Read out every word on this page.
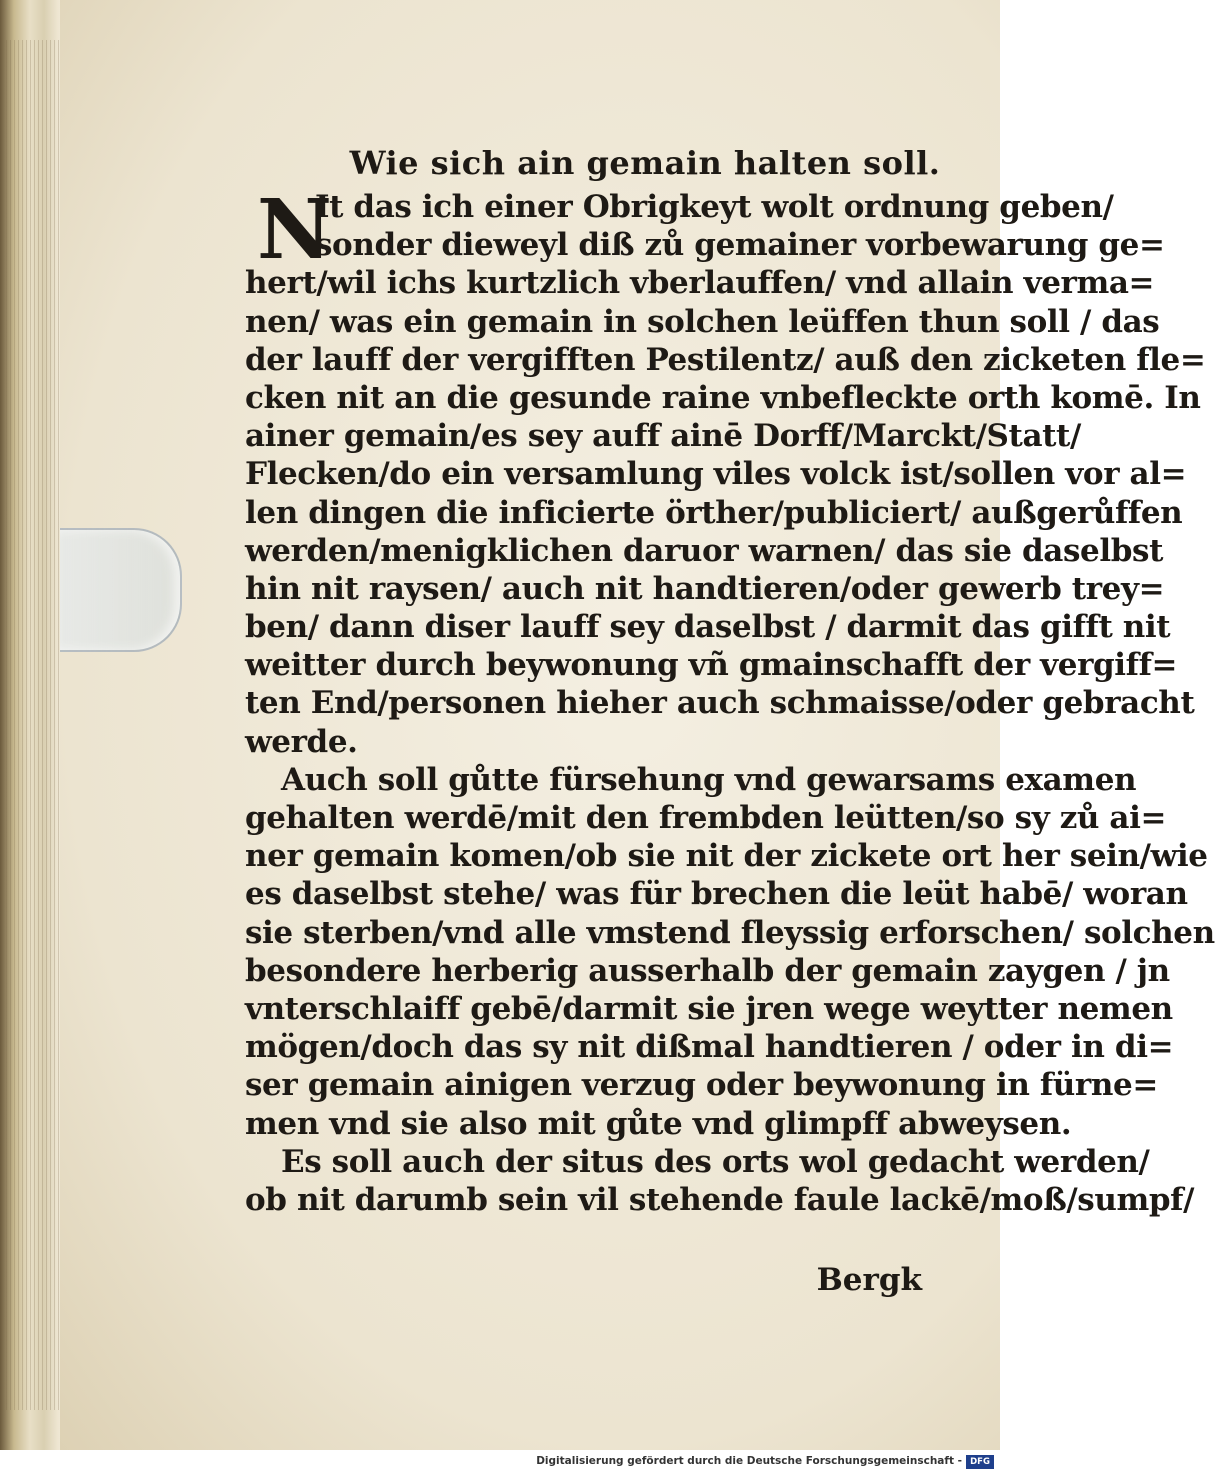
Wie sich ain gemain halten soll.
N
It das ich einer Obrigkeyt wolt ordnung geben/
sonder dieweyl diß zů gemainer vorbewarung ge=
hert/wil ichs kurtzlich vberlauffen/ vnd allain verma=
nen/ was ein gemain in solchen leüffen thun soll / das
der lauff der vergifften Pestilentz/ auß den zicketen fle=
cken nit an die gesunde raine vnbefleckte orth komē. In
ainer gemain/es sey auff ainē Dorff/Marckt/Statt/
Flecken/do ein versamlung viles volck ist/sollen vor al=
len dingen die inficierte örther/publiciert/ außgerůffen
werden/menigklichen daruor warnen/ das sie daselbst
hin nit raysen/ auch nit handtieren/oder gewerb trey=
ben/ dann diser lauff sey daselbst / darmit das gifft nit
weitter durch beywonung vñ gmainschafft der vergiff=
ten End/personen hieher auch schmaisse/oder gebracht
werde.
Auch soll gůtte fürsehung vnd gewarsams examen
gehalten werdē/mit den frembden leütten/so sy zů ai=
ner gemain komen/ob sie nit der zickete ort her sein/wie
es daselbst stehe/ was für brechen die leüt habē/ woran
sie sterben/vnd alle vmstend fleyssig erforschen/ solchen
besondere herberig ausserhalb der gemain zaygen / jn
vnterschlaiff gebē/darmit sie jren wege weytter nemen
mögen/doch das sy nit dißmal handtieren / oder in di=
ser gemain ainigen verzug oder beywonung in fürne=
men vnd sie also mit gůte vnd glimpff abweysen.
Es soll auch der situs des orts wol gedacht werden/
ob nit darumb sein vil stehende faule lackē/moß/sumpf/
Bergk
Digitalisierung gefördert durch die Deutsche Forschungsgemeinschaft - DFG
